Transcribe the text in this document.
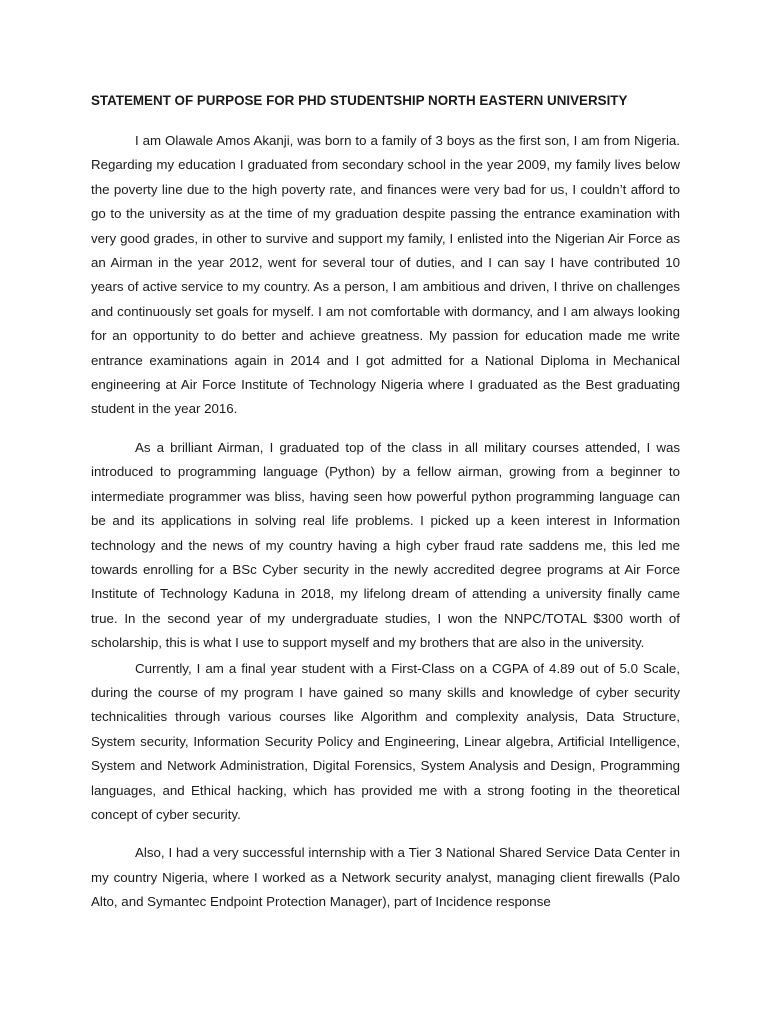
STATEMENT OF PURPOSE FOR PHD STUDENTSHIP NORTH EASTERN UNIVERSITY

I am Olawale Amos Akanji, was born to a family of 3 boys as the first son, I am from Nigeria. Regarding my education I graduated from secondary school in the year 2009, my family lives below the poverty line due to the high poverty rate, and finances were very bad for us, I couldn’t afford to go to the university as at the time of my graduation despite passing the entrance examination with very good grades, in other to survive and support my family, I enlisted into the Nigerian Air Force as an Airman in the year 2012, went for several tour of duties, and I can say I have contributed 10 years of active service to my country. As a person, I am ambitious and driven, I thrive on challenges and continuously set goals for myself. I am not comfortable with dormancy, and I am always looking for an opportunity to do better and achieve greatness. My passion for education made me write entrance examinations again in 2014 and I got admitted for a National Diploma in Mechanical engineering at Air Force Institute of Technology Nigeria where I graduated as the Best graduating student in the year 2016.

As a brilliant Airman, I graduated top of the class in all military courses attended, I was introduced to programming language (Python) by a fellow airman, growing from a beginner to intermediate programmer was bliss, having seen how powerful python programming language can be and its applications in solving real life problems. I picked up a keen interest in Information technology and the news of my country having a high cyber fraud rate saddens me, this led me towards enrolling for a BSc Cyber security in the newly accredited degree programs at Air Force Institute of Technology Kaduna in 2018, my lifelong dream of attending a university finally came true. In the second year of my undergraduate studies, I won the NNPC/TOTAL $300 worth of scholarship, this is what I use to support myself and my brothers that are also in the university.

Currently, I am a final year student with a First-Class on a CGPA of 4.89 out of 5.0 Scale, during the course of my program I have gained so many skills and knowledge of cyber security technicalities through various courses like Algorithm and complexity analysis, Data Structure, System security, Information Security Policy and Engineering, Linear algebra, Artificial Intelligence, System and Network Administration, Digital Forensics, System Analysis and Design, Programming languages, and Ethical hacking, which has provided me with a strong footing in the theoretical concept of cyber security.

Also, I had a very successful internship with a Tier 3 National Shared Service Data Center in my country Nigeria, where I worked as a Network security analyst, managing client firewalls (Palo Alto, and Symantec Endpoint Protection Manager), part of Incidence response
